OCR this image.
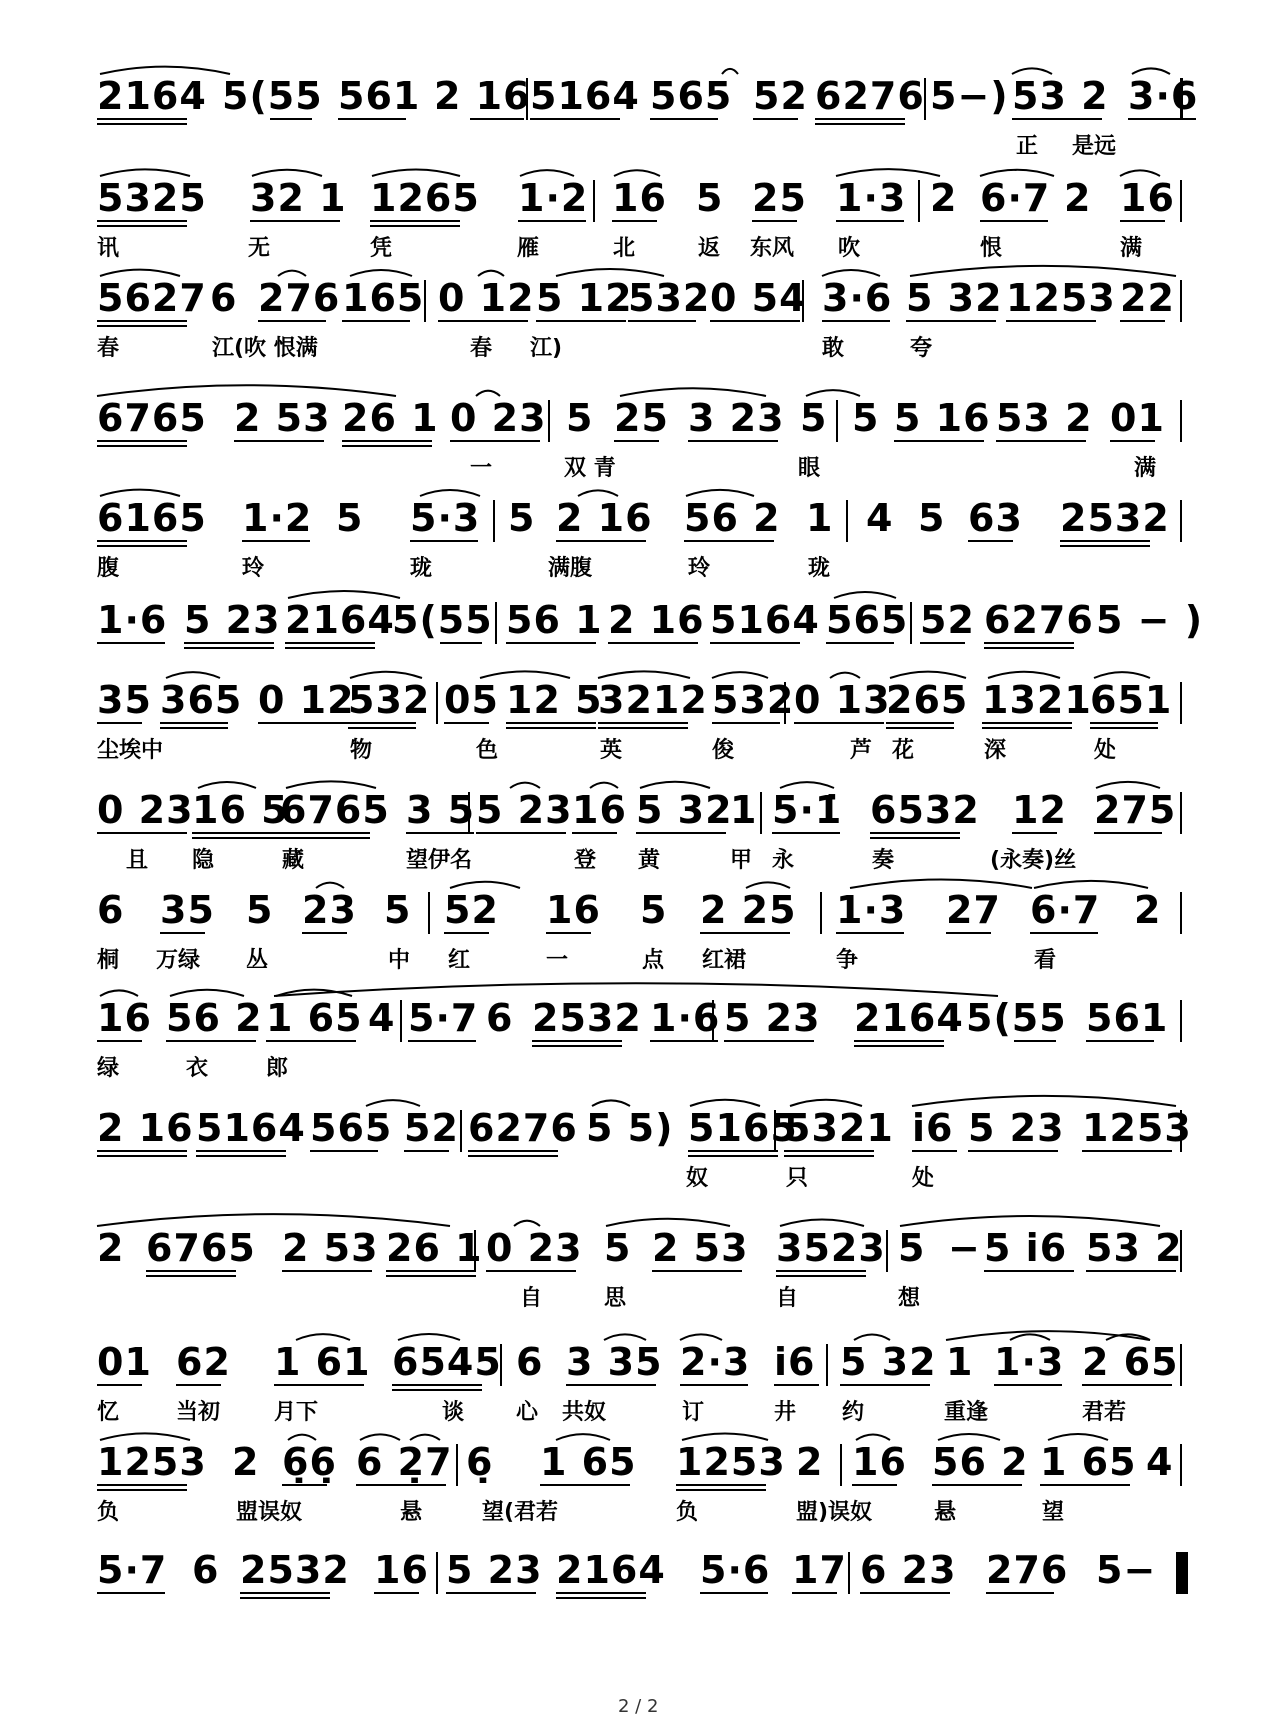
2164 5(55 561 2 16 5164 565 52 6276 5−) 53 2 3·6
正 是远
5325 32 1 1265 1·2 16 5 25 1·3 2 6·7 2 16
讯	无	凭	雁	北	返 东风 吹	恨	满
5627 6 276 165 0 12 5 12
532 0 54 3·6 5 32 1253 22
春	江(吹 恨满	春 江)	敢	夸
6765 2 53 26 1 0 23 5 25 3 23 5 5 5 16 53 2 01
一	双 青	眼	满
6165 1·2 5 5·3 5 2 16 56 2 1 4 5 63 2532
腹	玲	珑	满腹	玲	珑
1·6 5 23 2164
5(55 56 1 2 16 5164 565 52 6276 5 − )
35 365 0 12
532 05 12 5
3212 532 0 13
265 1321
651
尘埃中	物	色	英	俊	芦 花	深	处
0 23
16 5
6765 3 5 5 23 16 5 32
1 5·1̇ 6532 12 275
且 隐	藏	望伊名	登 黄	甲 永	奏	(永奏)丝
6 35 5 23 5 52 16 5 2 25 1·3 27 6·7 2
桐 万绿 丛	中 红	一	点 红裙	争	看
16 56 2 1 65 4 5·7 6 2532 1·6 5 23 2164 5(55 561
绿	衣	郎
2 16 5164 565 52 6276 5 5) 5165
5321 i̇6 5 23 1253
奴	只	处
2 6765 2 53 26 1 0 23 5 2 53 3523 5 − 5 i̇6 53 2
自	思	自	想
01 62 1 61 6545 6 3 35 2·3 i̇6 5 32 1 1·3 2 65
忆	当初 月下	谈 心 共奴	订	井 约	重逢	君若
1253 2 6̣6̣ 6 2̣7 6̣ 1 65 1253 2 16 56 2 1 65 4
负	盟误奴	悬	望(君若	负	盟)误奴	悬	望
5·7 6 2532 16 5 23 2164 5·6 17 6 23 276 5−
2 / 2
